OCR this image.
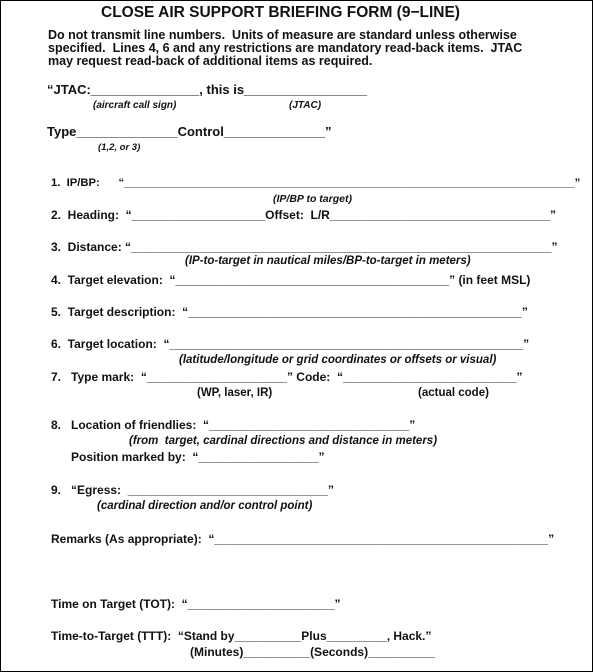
CLOSE AIR SUPPORT BRIEFING FORM (9−LINE)
Do not transmit line numbers.  Units of measure are standard unless otherwise
specified.  Lines 4, 6 and any restrictions are mandatory read-back items.  JTAC
may request read-back of additional items as required.
“JTAC:_______________, this is_________________
(aircraft call sign)	(JTAC)
Type______________Control______________”
(1,2, or 3)
1.  IP/BP:      “________________________________________________________________________”
(IP/BP to target)
2.  Heading:  “____________________Offset:  L/R_________________________________”
3.  Distance: “_______________________________________________________________”
(IP-to-target in nautical miles/BP-to-target in meters)
4.  Target elevation:  “_________________________________________” (in feet MSL)
5.  Target description:  “__________________________________________________”
6.  Target location:  “_____________________________________________________”
(latitude/longitude or grid coordinates or offsets or visual)
7.   Type mark:  “_____________________” Code:  “__________________________”
(WP, laser, IR)	(actual code)
8.   Location of friendlies:  “______________________________”
(from  target, cardinal directions and distance in meters)
Position marked by:  “__________________”
9.   “Egress:  ______________________________”
(cardinal direction and/or control point)
Remarks (As appropriate):  “__________________________________________________”
Time on Target (TOT):  “______________________”
Time-to-Target (TTT):  “Stand by__________Plus_________, Hack.”
(Minutes)__________(Seconds)__________
